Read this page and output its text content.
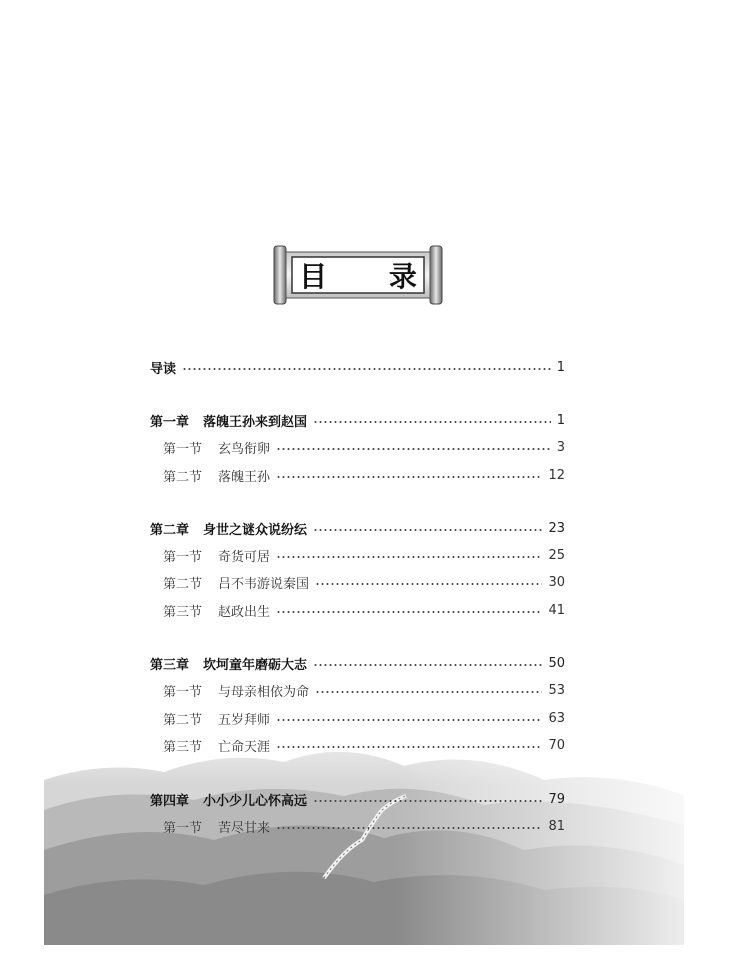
目 录
导读	1
第一章 落魄王孙来到赵国	1
第一节 玄鸟衔卵	3
第二节 落魄王孙	12
第二章 身世之谜众说纷纭	23
第一节 奇货可居	25
第二节 吕不韦游说秦国	30
第三节 赵政出生	41
第三章 坎坷童年磨砺大志	50
第一节 与母亲相依为命	53
第二节 五岁拜师	63
第三节 亡命天涯	70
第四章 小小少儿心怀高远	79
第一节 苦尽甘来	81
